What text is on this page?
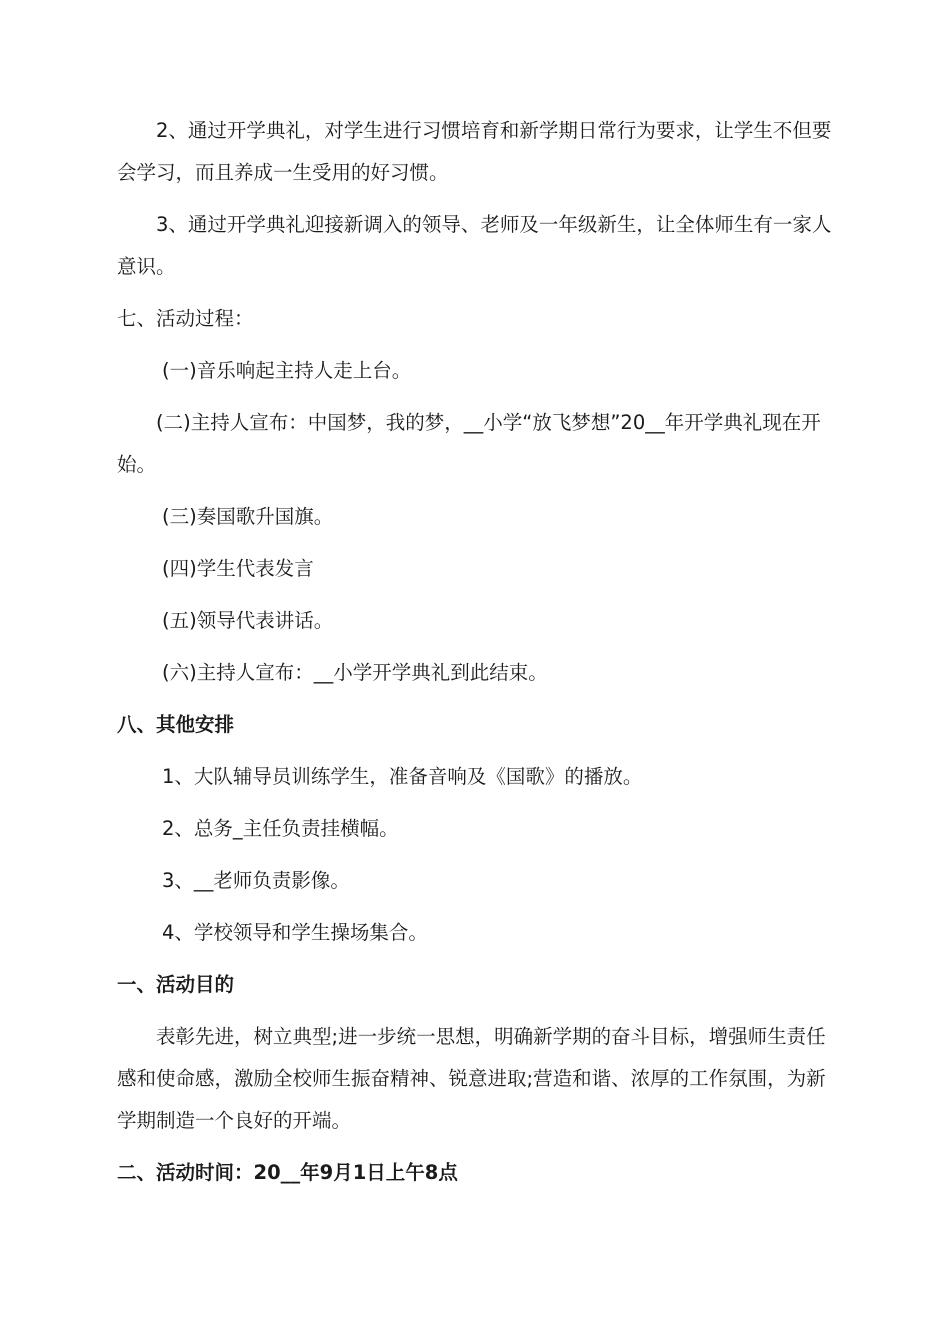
2、通过开学典礼，对学生进行习惯培育和新学期日常行为要求，让学生不但要会学习，而且养成一生受用的好习惯。

3、通过开学典礼迎接新调入的领导、老师及一年级新生，让全体师生有一家人意识。

七、活动过程：

(一)音乐响起主持人走上台。

(二)主持人宣布：中国梦，我的梦，__小学“放飞梦想”20__年开学典礼现在开始。

(三)奏国歌升国旗。

(四)学生代表发言

(五)领导代表讲话。

(六)主持人宣布：__小学开学典礼到此结束。

八、其他安排

1、大队辅导员训练学生，准备音响及《国歌》的播放。

2、总务_主任负责挂横幅。

3、__老师负责影像。

4、学校领导和学生操场集合。

一、活动目的

表彰先进，树立典型;进一步统一思想，明确新学期的奋斗目标，增强师生责任感和使命感，激励全校师生振奋精神、锐意进取;营造和谐、浓厚的工作氛围，为新学期制造一个良好的开端。

二、活动时间：20__年9月1日上午8点
